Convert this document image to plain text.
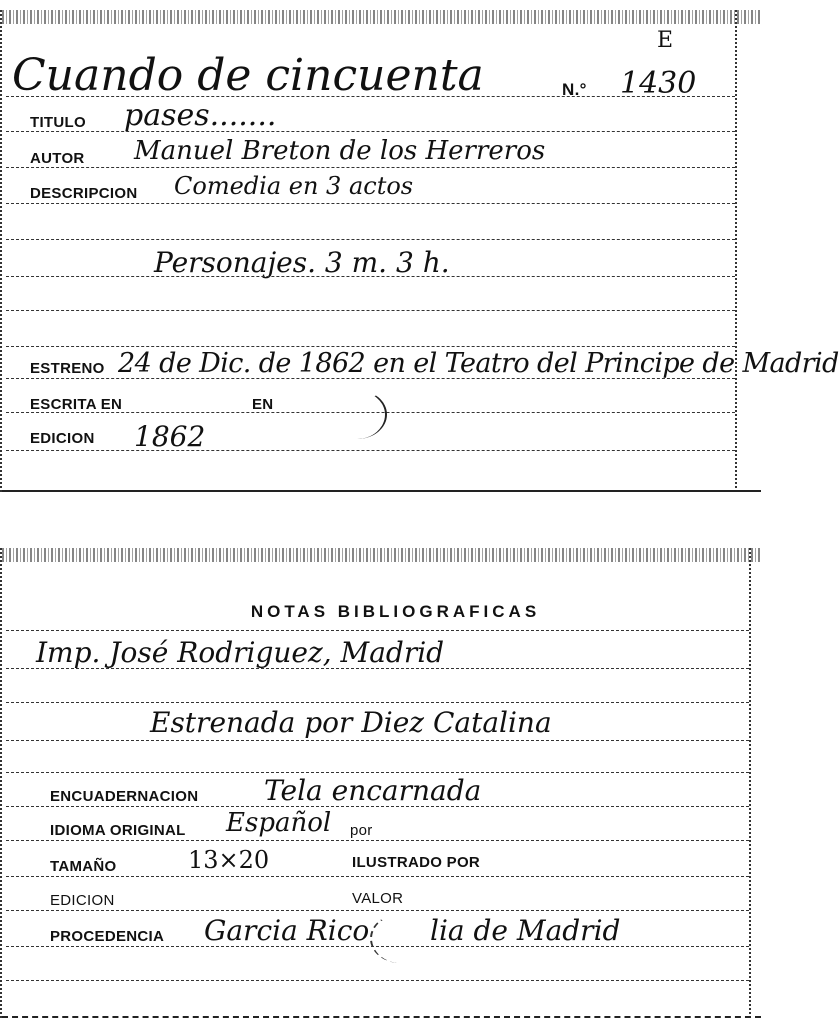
E
Cuando de cincuenta	N.° 1430
TITULO pases.......
AUTOR Manuel Breton de los Herreros
DESCRIPCION Comedia en 3 actos
Personajes. 3 m. 3 h.
ESTRENO 24 de Dic. de 1862 en el Teatro del Principe de Madrid
ESCRITA EN	EN
EDICION 1862
NOTAS BIBLIOGRAFICAS
Imp. José Rodriguez, Madrid
Estrenada por Diez Catalina
ENCUADERNACION Tela encarnada
IDIOMA ORIGINAL Español por
TAMAÑO	13×20	ILUSTRADO POR
EDICION	VALOR
PROCEDENCIA Garcia Rico lia de Madrid
